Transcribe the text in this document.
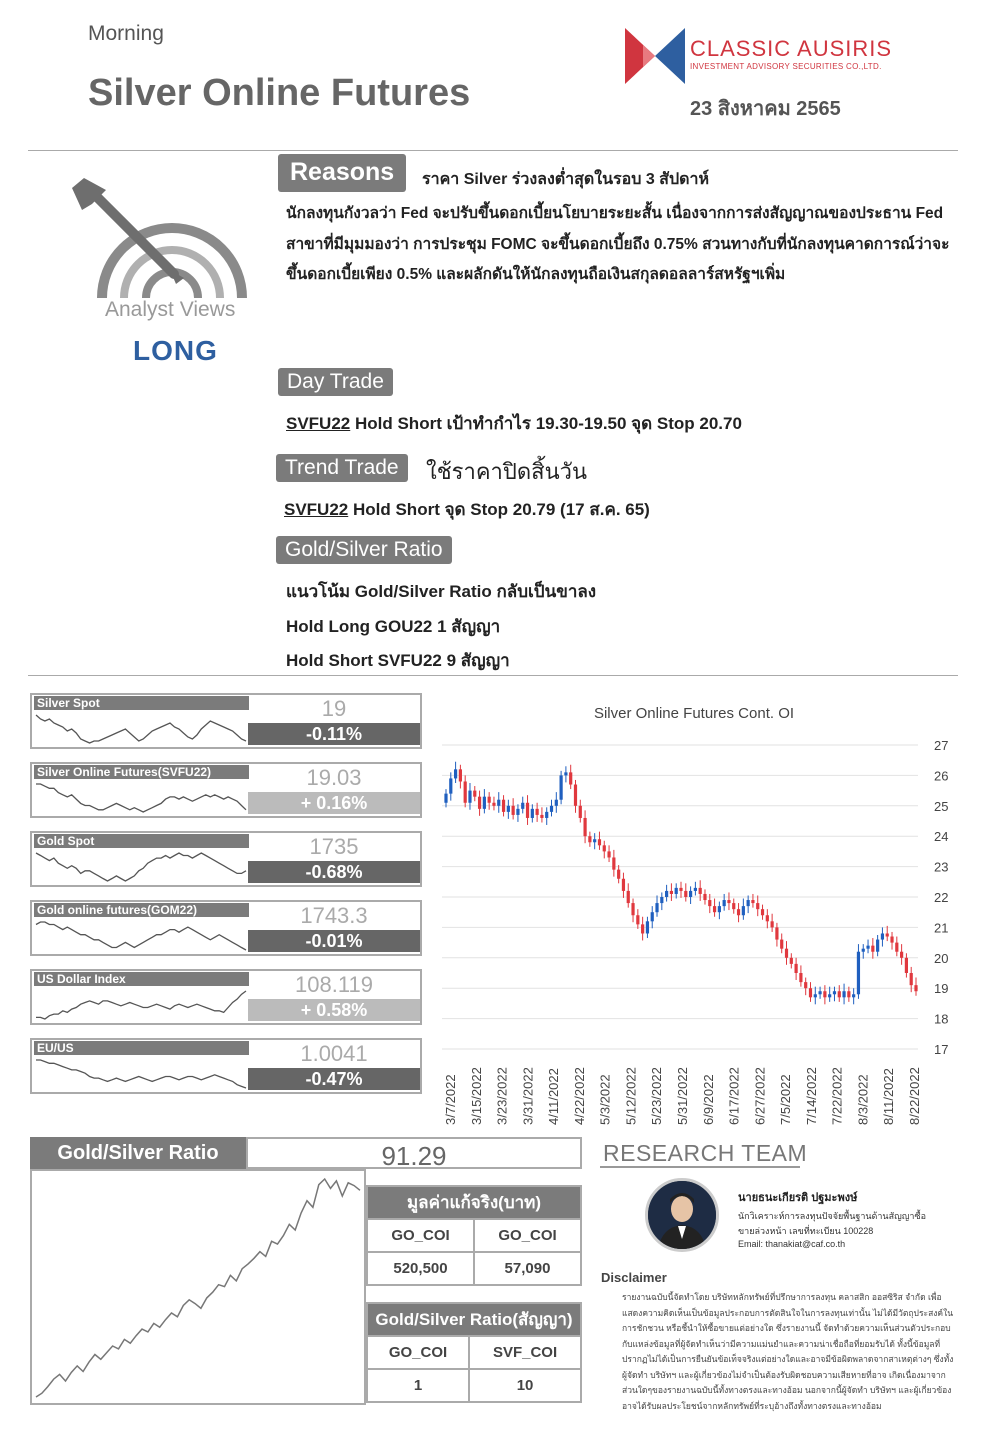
Morning
Silver Online Futures
CLASSIC AUSIRIS
INVESTMENT ADVISORY SECURITIES CO.,LTD.
23 สิงหาคม 2565
Analyst Views
LONG
Reasons	ราคา Silver ร่วงลงต่ำสุดในรอบ 3 สัปดาห์
นักลงทุนกังวลว่า Fed จะปรับขึ้นดอกเบี้ยนโยบายระยะสั้น เนื่องจากการส่งสัญญาณของประธาน Fed
สาขาที่มีมุมมองว่า การประชุม FOMC จะขึ้นดอกเบี้ยถึง 0.75% สวนทางกับที่นักลงทุนคาดการณ์ว่าจะ
ขึ้นดอกเบี้ยเพียง 0.5% และผลักดันให้นักลงทุนถือเงินสกุลดอลลาร์สหรัฐฯเพิ่ม
Day Trade
SVFU22 Hold Short เป้าทำกำไร 19.30-19.50 จุด Stop 20.70
Trend Trade	ใช้ราคาปิดสิ้นวัน
SVFU22 Hold Short จุด Stop 20.79 (17 ส.ค. 65)
Gold/Silver Ratio
แนวโน้ม Gold/Silver Ratio กลับเป็นขาลง
Hold Long GOU22 1 สัญญา
Hold Short SVFU22 9 สัญญา
Silver Spot	19
-0.11%
Silver Online Futures(SVFU22)	19.03
+ 0.16%
Gold Spot	1735
-0.68%
Gold online futures(GOM22)	1743.3
-0.01%
US Dollar Index	108.119
+ 0.58%
EU/US	1.0041
-0.47%
Silver Online Futures Cont. OI
17
18
19
20
21
22
23
24
25
26
27
3/7/2022 3/15/2022 3/23/2022 3/31/2022 4/11/2022 4/22/2022 5/3/2022 5/12/2022 5/23/2022 5/31/2022 6/9/2022 6/17/2022 6/27/2022 7/5/2022 7/14/2022 7/22/2022 8/3/2022 8/11/2022 8/22/2022
Gold/Silver Ratio	91.29
มูลค่าแก้จริง(บาท)	
GO_COI	GO_COI
520,500	57,090
Gold/Silver Ratio(สัญญา)	
GO_COI	SVF_COI
1	10
RESEARCH TEAM
นายธนะเกียรติ ปฐมะพงษ์
นักวิเคราะห์การลงทุนปัจจัยพื้นฐานด้านสัญญาซื้อ
ขายล่วงหน้า เลขที่ทะเบียน 100228
Email: thanakiat@caf.co.th
Disclaimer
รายงานฉบับนี้จัดทำโดย บริษัทหลักทรัพย์ที่ปรึกษาการลงทุน คลาสสิก ออสซิริส จำกัด เพื่อ
แสดงความคิดเห็นเป็นข้อมูลประกอบการตัดสินใจในการลงทุนเท่านั้น ไม่ได้มีวัตถุประสงค์ใน
การชักชวน หรือชี้นำให้ซื้อขายแต่อย่างใด ซึ่งรายงานนี้ จัดทำด้วยความเห็นส่วนตัวประกอบ
กับแหล่งข้อมูลที่ผู้จัดทำเห็นว่ามีความแม่นยำและความน่าเชื่อถือที่ยอมรับได้ ทั้งนี้ข้อมูลที่
ปรากฏไม่ได้เป็นการยืนยันข้อเท็จจริงแต่อย่างใดและอาจมีข้อผิดพลาดจากสาเหตุต่างๆ ซึ่งทั้ง
ผู้จัดทำ บริษัทฯ และผู้เกี่ยวข้องไม่จำเป็นต้องรับผิดชอบความเสียหายที่อาจ เกิดเนื่องมาจาก
ส่วนใดๆของรายงานฉบับนี้ทั้งทางตรงและทางอ้อม นอกจากนี้ผู้จัดทำ บริษัทฯ และผู้เกี่ยวข้อง
อาจได้รับผลประโยชน์จากหลักทรัพย์ที่ระบุอ้างถึงทั้งทางตรงและทางอ้อม
